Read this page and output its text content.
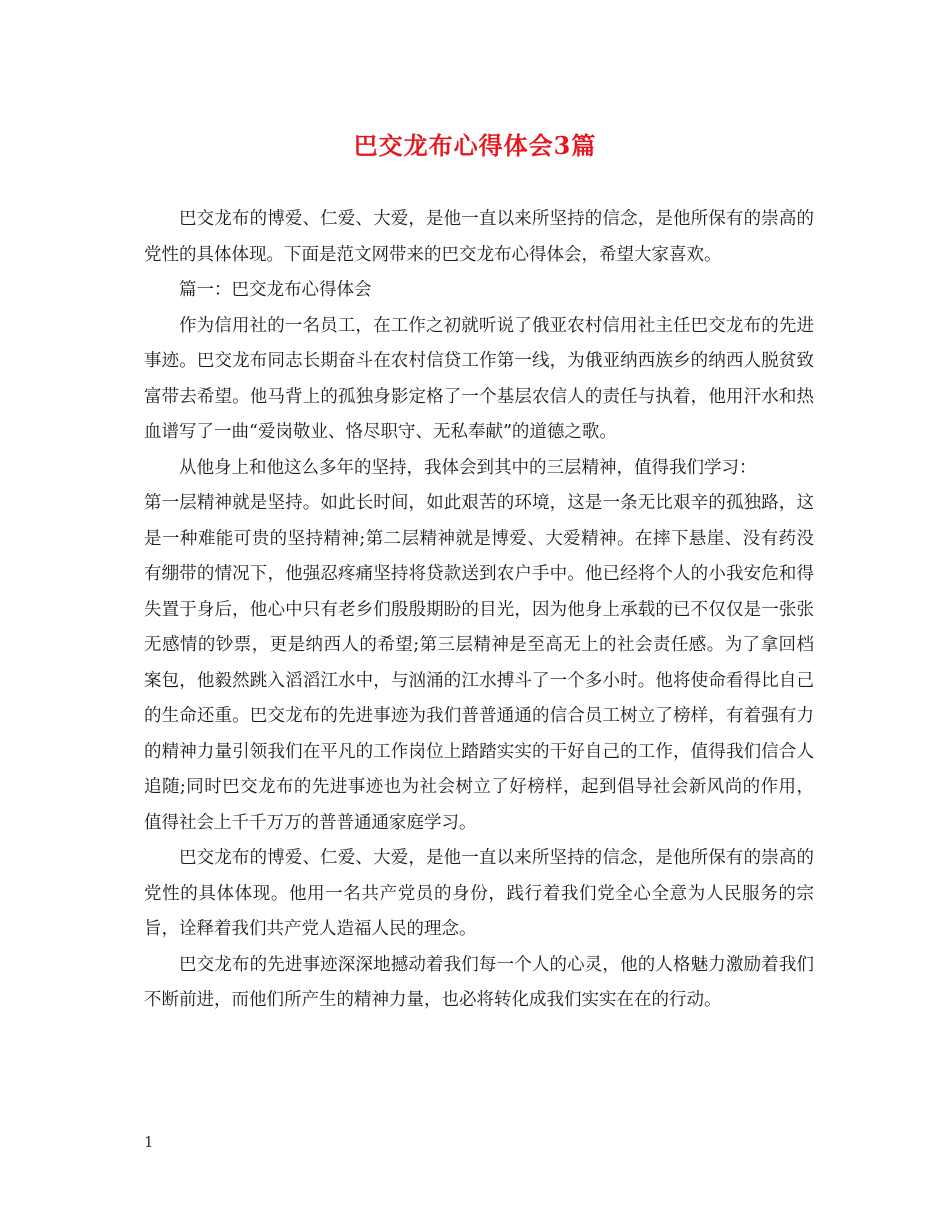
巴交龙布心得体会3篇

巴交龙布的博爱、仁爱、大爱，是他一直以来所坚持的信念，是他所保有的崇高的党性的具体体现。下面是范文网带来的巴交龙布心得体会，希望大家喜欢。

篇一：巴交龙布心得体会

作为信用社的一名员工，在工作之初就听说了俄亚农村信用社主任巴交龙布的先进事迹。巴交龙布同志长期奋斗在农村信贷工作第一线，为俄亚纳西族乡的纳西人脱贫致富带去希望。他马背上的孤独身影定格了一个基层农信人的责任与执着，他用汗水和热血谱写了一曲“爱岗敬业、恪尽职守、无私奉献”的道德之歌。

从他身上和他这么多年的坚持，我体会到其中的三层精神，值得我们学习：

第一层精神就是坚持。如此长时间，如此艰苦的环境，这是一条无比艰辛的孤独路，这是一种难能可贵的坚持精神;第二层精神就是博爱、大爱精神。在摔下悬崖、没有药没有绷带的情况下，他强忍疼痛坚持将贷款送到农户手中。他已经将个人的小我安危和得失置于身后，他心中只有老乡们殷殷期盼的目光，因为他身上承载的已不仅仅是一张张无感情的钞票，更是纳西人的希望;第三层精神是至高无上的社会责任感。为了拿回档案包，他毅然跳入滔滔江水中，与汹涌的江水搏斗了一个多小时。他将使命看得比自己的生命还重。巴交龙布的先进事迹为我们普普通通的信合员工树立了榜样，有着强有力的精神力量引领我们在平凡的工作岗位上踏踏实实的干好自己的工作，值得我们信合人追随;同时巴交龙布的先进事迹也为社会树立了好榜样，起到倡导社会新风尚的作用，值得社会上千千万万的普普通通家庭学习。

巴交龙布的博爱、仁爱、大爱，是他一直以来所坚持的信念，是他所保有的崇高的党性的具体体现。他用一名共产党员的身份，践行着我们党全心全意为人民服务的宗旨，诠释着我们共产党人造福人民的理念。

巴交龙布的先进事迹深深地撼动着我们每一个人的心灵，他的人格魅力激励着我们不断前进，而他们所产生的精神力量，也必将转化成我们实实在在的行动。

1
